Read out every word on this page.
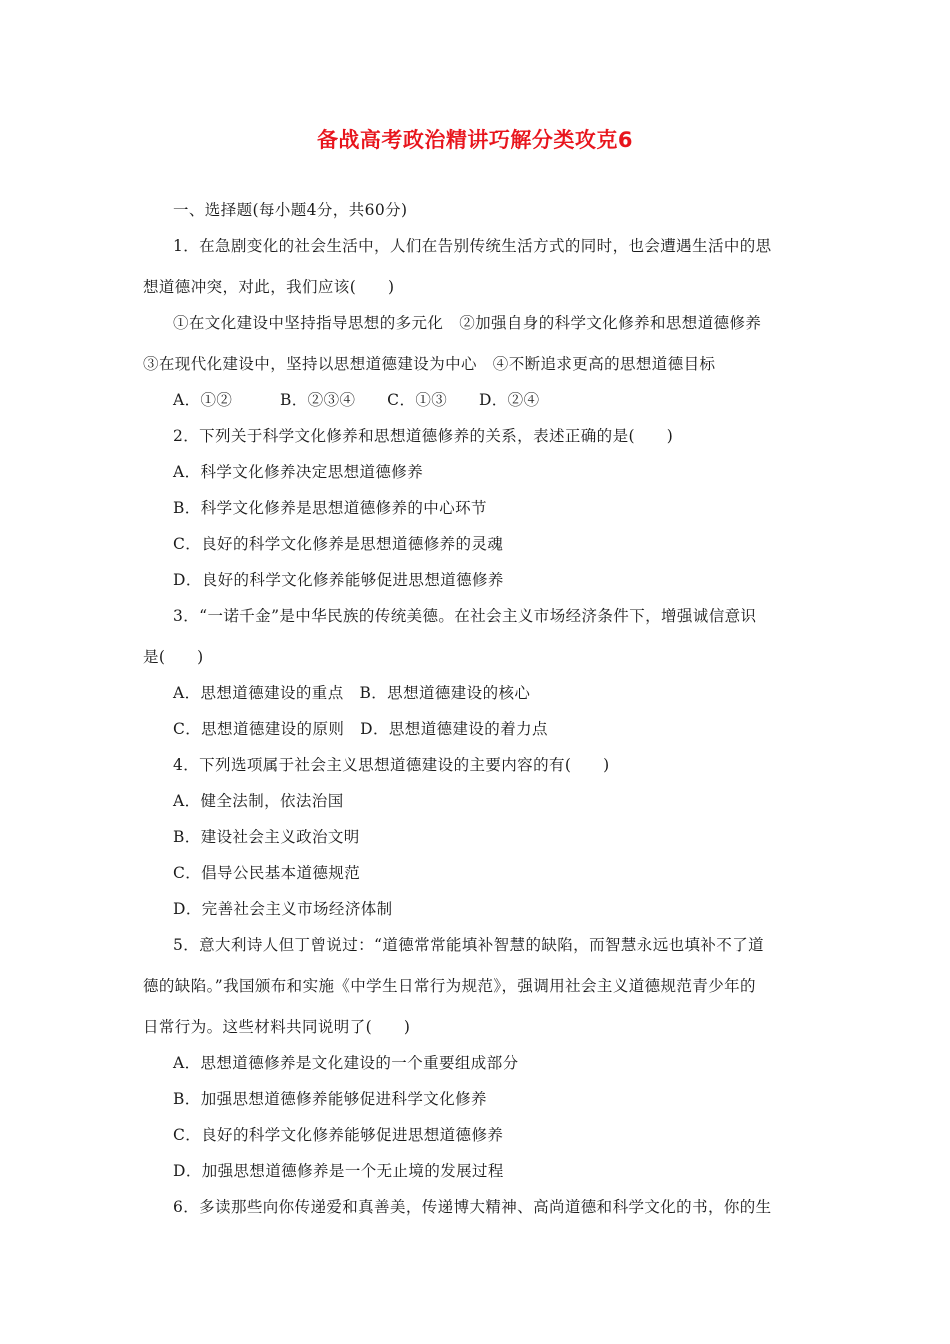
备战高考政治精讲巧解分类攻克6
一、选择题(每小题4分，共60分)
1．在急剧变化的社会生活中，人们在告别传统生活方式的同时，也会遭遇生活中的思
想道德冲突，对此，我们应该(　　)
①在文化建设中坚持指导思想的多元化　②加强自身的科学文化修养和思想道德修养
③在现代化建设中，坚持以思想道德建设为中心　④不断追求更高的思想道德目标
A．①②　　　B．②③④　　C．①③　　D．②④
2．下列关于科学文化修养和思想道德修养的关系，表述正确的是(　　)
A．科学文化修养决定思想道德修养
B．科学文化修养是思想道德修养的中心环节
C．良好的科学文化修养是思想道德修养的灵魂
D．良好的科学文化修养能够促进思想道德修养
3．“一诺千金”是中华民族的传统美德。在社会主义市场经济条件下，增强诚信意识
是(　　)
A．思想道德建设的重点　B．思想道德建设的核心
C．思想道德建设的原则　D．思想道德建设的着力点
4．下列选项属于社会主义思想道德建设的主要内容的有(　　)
A．健全法制，依法治国
B．建设社会主义政治文明
C．倡导公民基本道德规范
D．完善社会主义市场经济体制
5．意大利诗人但丁曾说过：“道德常常能填补智慧的缺陷，而智慧永远也填补不了道
德的缺陷。”我国颁布和实施《中学生日常行为规范》，强调用社会主义道德规范青少年的
日常行为。这些材料共同说明了(　　)
A．思想道德修养是文化建设的一个重要组成部分
B．加强思想道德修养能够促进科学文化修养
C．良好的科学文化修养能够促进思想道德修养
D．加强思想道德修养是一个无止境的发展过程
6．多读那些向你传递爱和真善美，传递博大精神、高尚道德和科学文化的书，你的生
